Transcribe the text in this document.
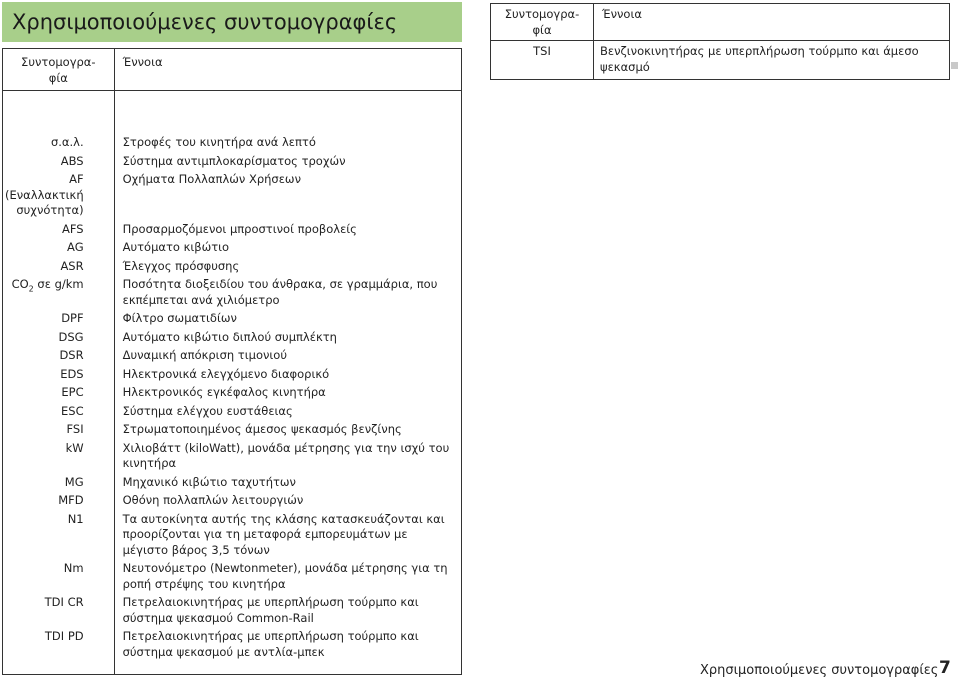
Χρησιμοποιούμενες συντομογραφίες
Συντομογρα-
φία	Έννοια
σ.α.λ.	Στροφές του κινητήρα ανά λεπτό
ABS	Σύστημα αντιμπλοκαρίσματος τροχών
AF (Εναλλακτική συχνότητα)	Οχήματα Πολλαπλών Χρήσεων
AFS	Προσαρμοζόμενοι μπροστινοί προβολείς
AG	Αυτόματο κιβώτιο
ASR	Έλεγχος πρόσφυσης
$CO_2$ σε g/km	Ποσότητα διοξειδίου του άνθρακα, σε γραμμάρια, που εκπέμπεται ανά χιλιόμετρο
DPF	Φίλτρο σωματιδίων
DSG	Αυτόματο κιβώτιο διπλού συμπλέκτη
DSR	Δυναμική απόκριση τιμονιού
EDS	Ηλεκτρονικά ελεγχόμενο διαφορικό
EPC	Ηλεκτρονικός εγκέφαλος κινητήρα
ESC	Σύστημα ελέγχου ευστάθειας
FSI	Στρωματοποιημένος άμεσος ψεκασμός βενζίνης
kW	Χιλιοβάττ (kiloWatt), μονάδα μέτρησης για την ισχύ του κινητήρα
MG	Μηχανικό κιβώτιο ταχυτήτων
MFD	Οθόνη πολλαπλών λειτουργιών
N1	Τα αυτοκίνητα αυτής της κλάσης κατασκευάζονται και προορίζονται για τη μεταφορά εμπορευμάτων με μέγιστο βάρος 3,5 τόνων
Nm	Νευτονόμετρο (Newtonmeter), μονάδα μέτρησης για τη ροπή στρέψης του κινητήρα
TDI CR	Πετρελαιοκινητήρας με υπερπλήρωση τούρμπο και σύστημα ψεκασμού Common-Rail
TDI PD	Πετρελαιοκινητήρας με υπερπλήρωση τούρμπο και σύστημα ψεκασμού με αντλία-μπεκ
Συντομογρα-
φία	Έννοια
TSI	Βενζινοκινητήρας με υπερπλήρωση τούρμπο και άμεσο ψεκασμό
Χρησιμοποιούμενες συντομογραφίες 7
